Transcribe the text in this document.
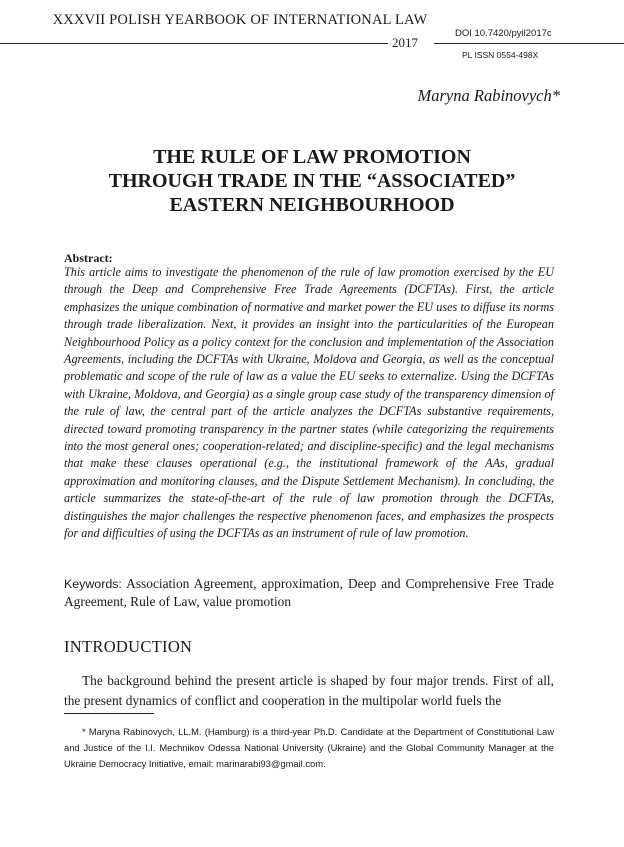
XXXVII POLISH YEARBOOK OF INTERNATIONAL LAW
2017
DOI 10.7420/pyil2017c
PL ISSN 0554-498X
Maryna Rabinovych*
THE RULE OF LAW PROMOTION
THROUGH TRADE IN THE “ASSOCIATED”
EASTERN NEIGHBOURHOOD
Abstract:
This article aims to investigate the phenomenon of the rule of law promotion exercised by the EU through the Deep and Comprehensive Free Trade Agreements (DCFTAs). First, the article emphasizes the unique combination of normative and market power the EU uses to diffuse its norms through trade liberalization. Next, it provides an insight into the particularities of the European Neighbourhood Policy as a policy context for the conclusion and implementation of the Association Agreements, including the DCFTAs with Ukraine, Moldova and Georgia, as well as the conceptual problematic and scope of the rule of law as a value the EU seeks to externalize. Using the DCFTAs with Ukraine, Moldova, and Georgia) as a single group case study of the transparency dimension of the rule of law, the central part of the article analyzes the DCFTAs substantive requirements, directed toward promoting transparency in the partner states (while categorizing the requirements into the most general ones; cooperation-related; and discipline-specific) and the legal mechanisms that make these clauses operational (e.g., the institutional framework of the AAs, gradual approximation and monitoring clauses, and the Dispute Settlement Mechanism). In concluding, the article summarizes the state-of-the-art of the rule of law promotion through the DCFTAs, distinguishes the major challenges the respective phenomenon faces, and emphasizes the prospects for and difficulties of using the DCFTAs as an instrument of rule of law promotion.
Keywords: Association Agreement, approximation, Deep and Comprehensive Free Trade Agreement, Rule of Law, value promotion
INTRODUCTION
The background behind the present article is shaped by four major trends. First of all, the present dynamics of conflict and cooperation in the multipolar world fuels the
* Maryna Rabinovych, LL.M. (Hamburg) is a third-year Ph.D. Candidate at the Department of Constitutional Law and Justice of the I.I. Mechnikov Odessa National University (Ukraine) and the Global Community Manager at the Ukraine Democracy Initiative, email: marinarabi93@gmail.com.
